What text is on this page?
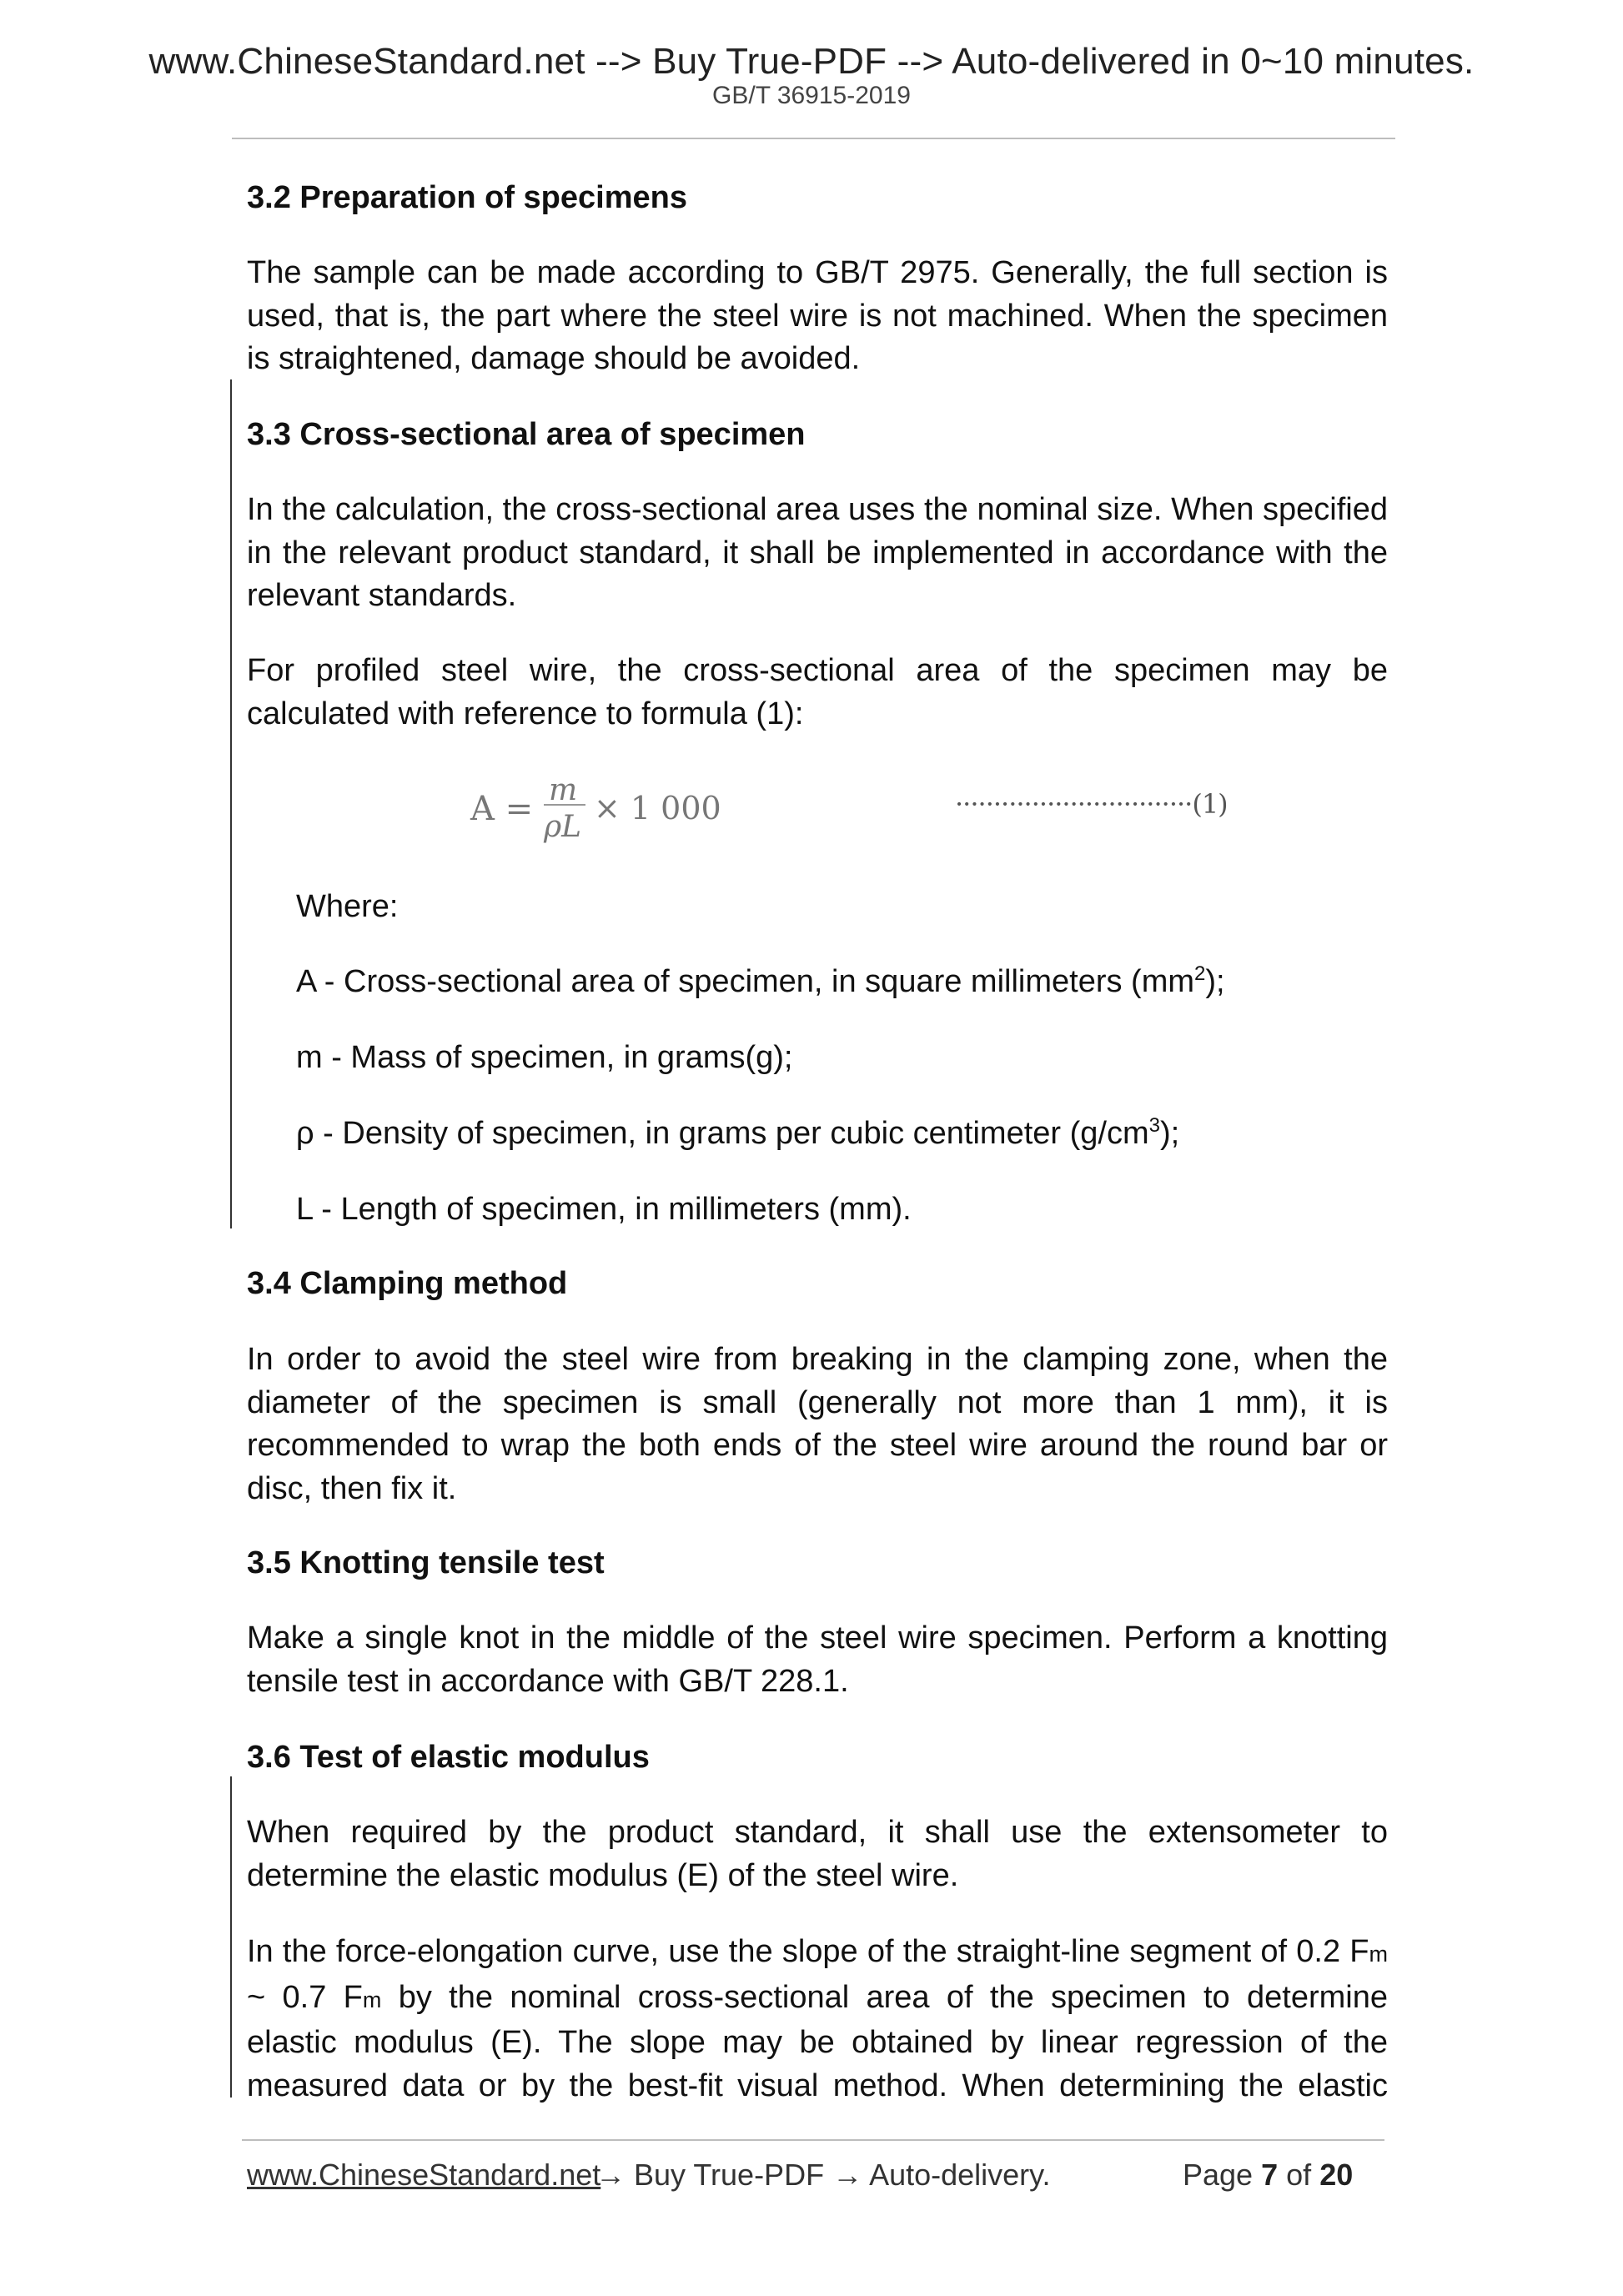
www.ChineseStandard.net --> Buy True-PDF --> Auto-delivered in 0~10 minutes.
GB/T 36915-2019
3.2 Preparation of specimens
The sample can be made according to GB/T 2975. Generally, the full section is used, that is, the part where the steel wire is not machined. When the specimen is straightened, damage should be avoided.
3.3 Cross-sectional area of specimen
In the calculation, the cross-sectional area uses the nominal size. When specified in the relevant product standard, it shall be implemented in accordance with the relevant standards.
For profiled steel wire, the cross-sectional area of the specimen may be calculated with reference to formula (1):
A = m
ρL
× 1 000	·······························(1)
Where:
A - Cross-sectional area of specimen, in square millimeters $(mm^2)$;
m - Mass of specimen, in grams(g);
ρ - Density of specimen, in grams per cubic centimeter $(g/cm^3)$;
L - Length of specimen, in millimeters (mm).
3.4 Clamping method
In order to avoid the steel wire from breaking in the clamping zone, when the diameter of the specimen is small (generally not more than 1 mm), it is recommended to wrap the both ends of the steel wire around the round bar or disc, then fix it.
3.5 Knotting tensile test
Make a single knot in the middle of the steel wire specimen. Perform a knotting tensile test in accordance with GB/T 228.1.
3.6 Test of elastic modulus
When required by the product standard, it shall use the extensometer to determine the elastic modulus (E) of the steel wire.
In the force-elongation curve, use the slope of the straight-line segment of 0.2 Fm ~ 0.7 Fm by the nominal cross-sectional area of the specimen to determine elastic modulus (E). The slope may be obtained by linear regression of the measured data or by the best-fit visual method. When determining the elastic
www.ChineseStandard.net
→ Buy True-PDF → Auto-delivery.	Page 7 of 20
